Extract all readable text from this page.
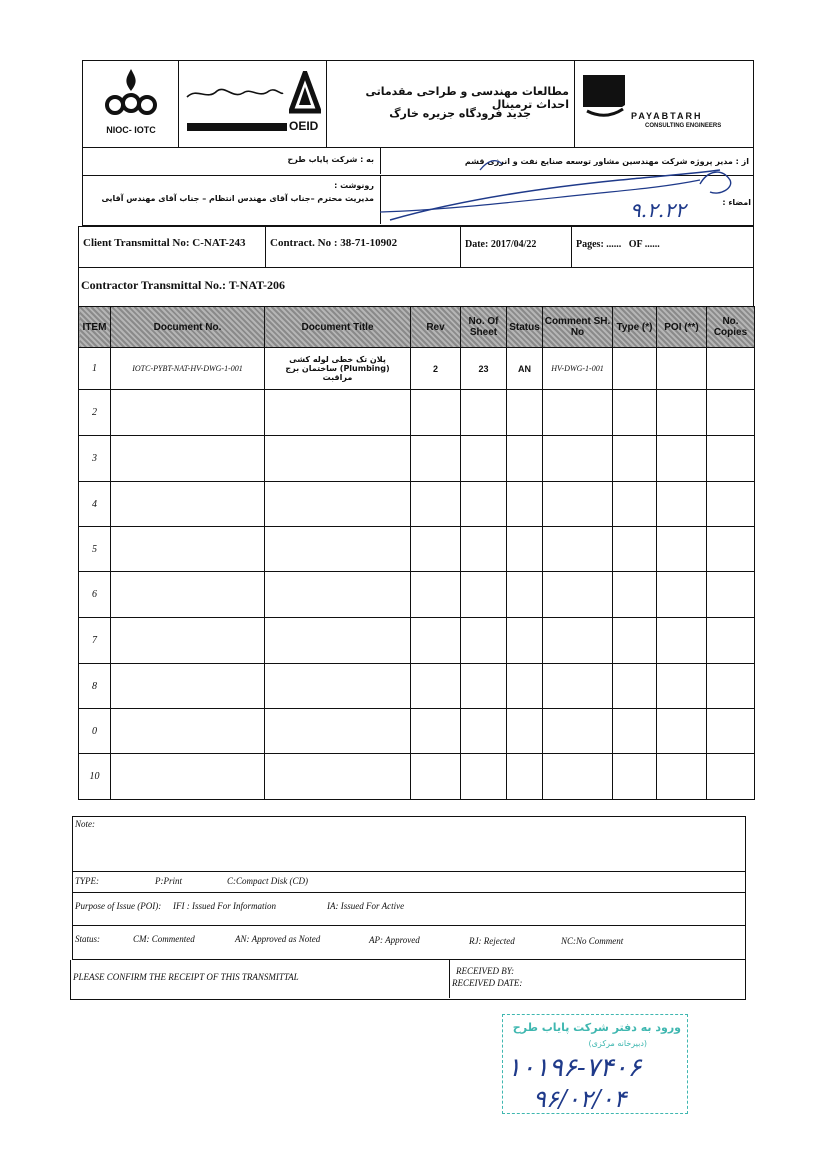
NIOC- IOTC	OEID
مطالعات مهندسی و طراحی مقدماتی احداث ترمینال
جدید فرودگاه جزیره خارگ	PAYABTARH
CONSULTING ENGINEERS
به : شرکت پایاب طرح	از : مدیر پروژه شرکت مهندسین مشاور توسعه صنایع نفت و انرژی قشم
رونوشت :
مدیریت محترم –جناب آقای مهندس انتظام – جناب آقای مهندس آقایی	امضاء :
۹.۲.۲۲
Client Transmittal No: C-NAT-243	Contract. No : 38-71-10902	Date: 2017/04/22	Pages: ......   OF ......
Contractor Transmittal No.: T-NAT-206
ITEM	Document No.	Document Title	Rev	No. Of Sheet	Status	Comment SH. No	Type (*)	POI (**)	No. Copies
1	IOTC-PYBT-NAT-HV-DWG-1-001	پلان تک خطی لوله کشی (Plumbing) ساختمان برج مراقبت	2	23	AN	HV-DWG-1-001			
2									
3									
4									
5									
6									
7									
8									
0									
10									
Note:
TYPE:	P:Print	C:Compact Disk (CD)
Purpose of Issue (POI): IFI : Issued For Information	IA: Issued For Active
Status:	CM: Commented	AN: Approved as Noted	AP: Approved	RJ: Rejected	NC:No Comment
PLEASE CONFIRM THE RECEIPT OF THIS TRANSMITTAL
RECEIVED BY:
RECEIVED DATE:
ورود به دفتر شرکت پایاب طرح
(دبیرخانه مرکزی)
۱۰۱۹۶-۷۴۰۶
۹۶/۰۲/۰۴
